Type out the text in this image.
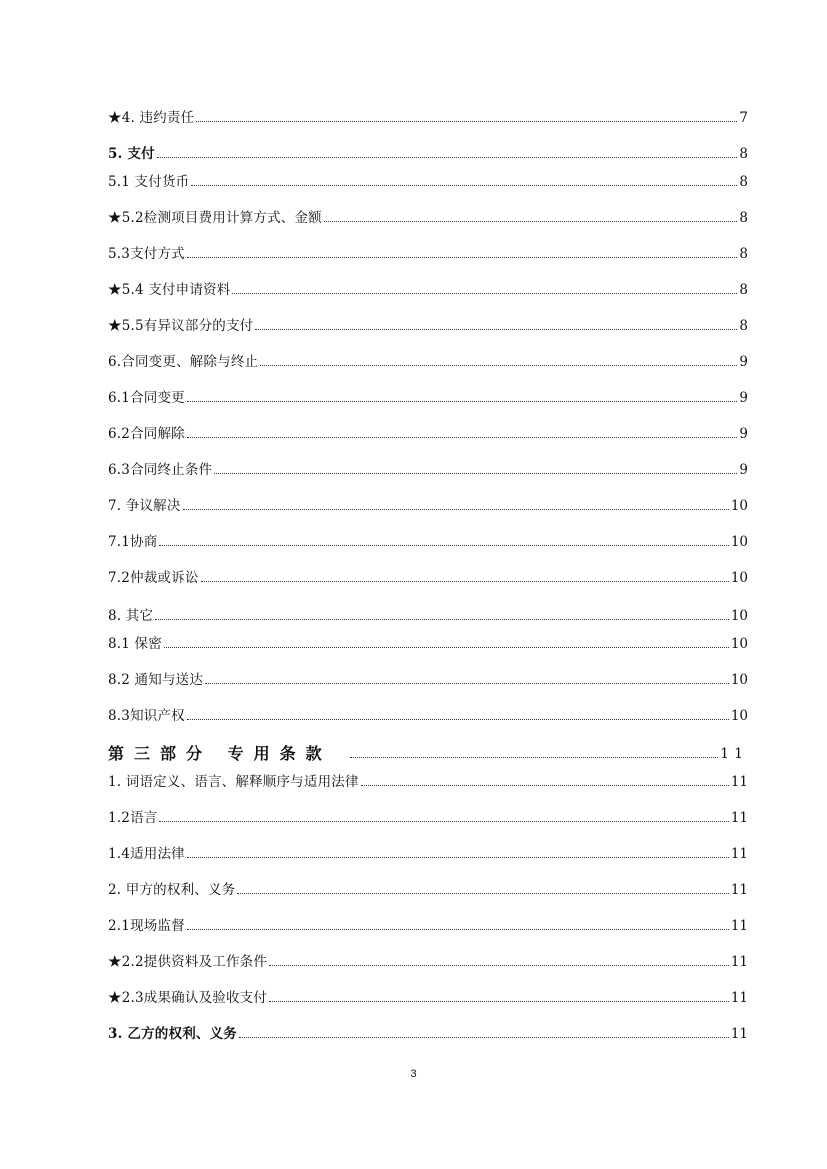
★4. 违约责任	7
5. 支付	8
5.1 支付货币	8
★5.2检测项目费用计算方式、金额	8
5.3支付方式	8
★5.4 支付申请资料	8
★5.5有异议部分的支付	8
6.合同变更、解除与终止	9
6.1合同变更	9
6.2合同解除	9
6.3合同终止条件	9
7. 争议解决	10
7.1协商	10
7.2仲裁或诉讼	10
8. 其它	10
8.1 保密	10
8.2 通知与送达	10
8.3知识产权	10
第三部分 专用条款	11
1. 词语定义、语言、解释顺序与适用法律	11
1.2语言	11
1.4适用法律	11
2. 甲方的权利、义务	11
2.1现场监督	11
★2.2提供资料及工作条件	11
★2.3成果确认及验收支付	11
3. 乙方的权利、义务	11
3
